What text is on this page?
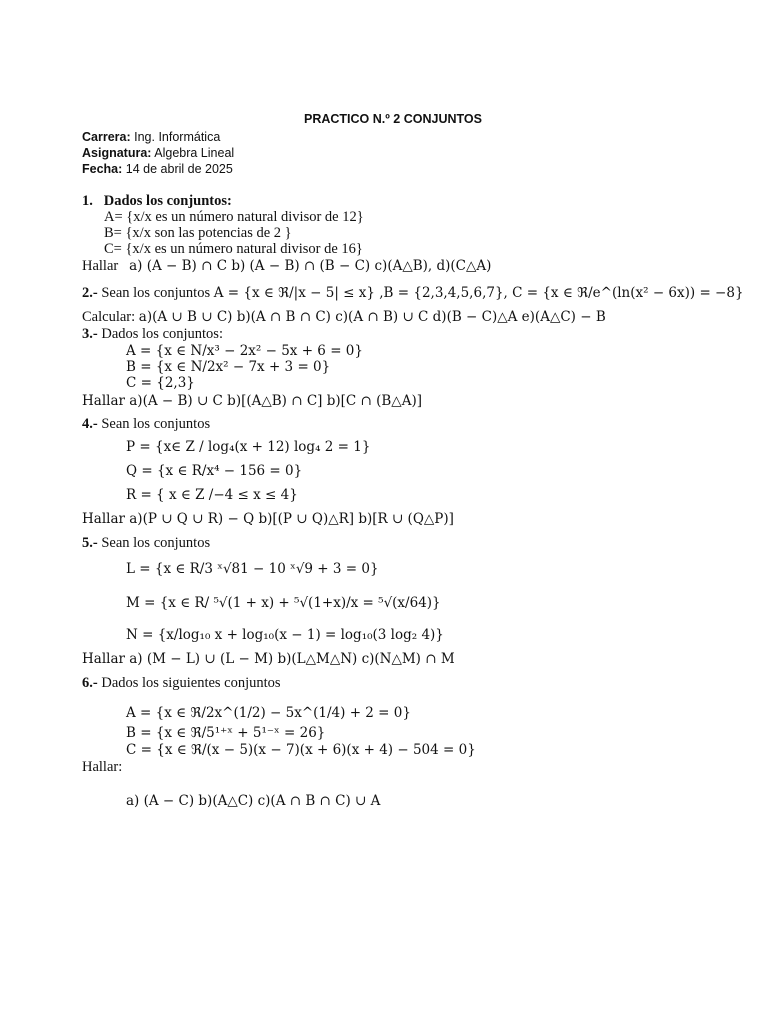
PRACTICO N.º 2 CONJUNTOS
Carrera: Ing. Informática
Asignatura: Algebra Lineal
Fecha: 14 de abril de 2025
1. Dados los conjuntos:
A= {x/x es un número natural divisor de 12}
B= {x/x son las potencias de 2 }
C= {x/x es un número natural divisor de 16}
Hallar a) (A − B) ∩ C b) (A − B) ∩ (B − C) c)(A△B), d)(C△A)
2.- Sean los conjuntos A = {x ∈ ℜ/|x − 5| ≤ x} ,B = {2,3,4,5,6,7}, C = {x ∈ ℜ/e^(ln(x² − 6x)) = −8}
Calcular: a)(A ∪ B ∪ C) b)(A ∩ B ∩ C) c)(A ∩ B) ∪ C d)(B − C)△A e)(A△C) − B
3.- Dados los conjuntos:
A = {x ∈ N/x³ − 2x² − 5x + 6 = 0}
B = {x ∈ N/2x² − 7x + 3 = 0}
C = {2,3}
Hallar a)(A − B) ∪ C b)[(A△B) ∩ C] b)[C ∩ (B△A)]
4.- Sean los conjuntos
P = {x∈ Z / log₄(x + 12) log₄ 2 = 1}
Q = {x ∈ R/x⁴ − 156 = 0}
R = { x ∈ Z /−4 ≤ x ≤ 4}
Hallar a)(P ∪ Q ∪ R) − Q b)[(P ∪ Q)△R] b)[R ∪ (Q△P)]
5.- Sean los conjuntos
L = {x ∈ R/3 ˣ√81 − 10 ˣ√9 + 3 = 0}
M = {x ∈ R/ ⁵√(1 + x) + ⁵√(1+x)/x = ⁵√(x/64)}
N = {x/log₁₀ x + log₁₀(x − 1) = log₁₀(3 log₂ 4)}
Hallar a) (M − L) ∪ (L − M) b)(L△M△N) c)(N△M) ∩ M
6.- Dados los siguientes conjuntos
A = {x ∈ ℜ/2x^(1/2) − 5x^(1/4) + 2 = 0}
B = {x ∈ ℜ/5¹⁺ˣ + 5¹⁻ˣ = 26}
C = {x ∈ ℜ/(x − 5)(x − 7)(x + 6)(x + 4) − 504 = 0}
Hallar:
a) (A − C) b)(A△C) c)(A ∩ B ∩ C) ∪ A
